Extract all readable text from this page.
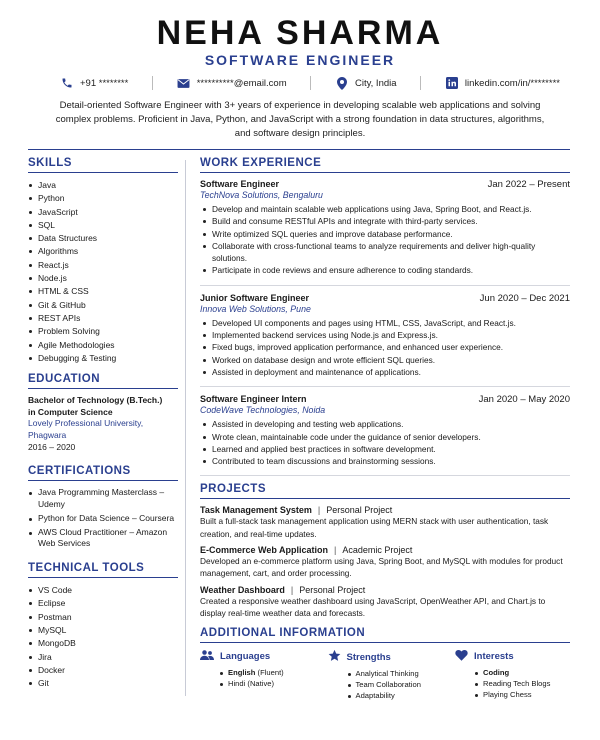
NEHA SHARMA
SOFTWARE ENGINEER
+91 ********	**********@email.com	City, India	linkedin.com/in/********
Detail-oriented Software Engineer with 3+ years of experience in developing scalable web applications and solving complex problems. Proficient in Java, Python, and JavaScript with a strong foundation in data structures, algorithms, and software design principles.
SKILLS
Java
Python
JavaScript
SQL
Data Structures
Algorithms
React.js
Node.js
HTML & CSS
Git & GitHub
REST APIs
Problem Solving
Agile Methodologies
Debugging & Testing
EDUCATION
Bachelor of Technology (B.Tech.)
in Computer Science
Lovely Professional University,
Phagwara
2016 – 2020
CERTIFICATIONS
Java Programming Masterclass – Udemy
Python for Data Science – Coursera
AWS Cloud Practitioner – Amazon Web Services
TECHNICAL TOOLS
VS Code
Eclipse
Postman
MySQL
MongoDB
Jira
Docker
Git
WORK EXPERIENCE
Software Engineer	Jan 2022 – Present
TechNova Solutions, Bengaluru
Develop and maintain scalable web applications using Java, Spring Boot, and React.js.
Build and consume RESTful APIs and integrate with third-party services.
Write optimized SQL queries and improve database performance.
Collaborate with cross-functional teams to analyze requirements and deliver high-quality solutions.
Participate in code reviews and ensure adherence to coding standards.
Junior Software Engineer	Jun 2020 – Dec 2021
Innova Web Solutions, Pune
Developed UI components and pages using HTML, CSS, JavaScript, and React.js.
Implemented backend services using Node.js and Express.js.
Fixed bugs, improved application performance, and enhanced user experience.
Worked on database design and wrote efficient SQL queries.
Assisted in deployment and maintenance of applications.
Software Engineer Intern	Jan 2020 – May 2020
CodeWave Technologies, Noida
Assisted in developing and testing web applications.
Wrote clean, maintainable code under the guidance of senior developers.
Learned and applied best practices in software development.
Contributed to team discussions and brainstorming sessions.
PROJECTS
Task Management System | Personal Project
Built a full-stack task management application using MERN stack with user authentication, task creation, and real-time updates.
E-Commerce Web Application | Academic Project
Developed an e-commerce platform using Java, Spring Boot, and MySQL with modules for product management, cart, and order processing.
Weather Dashboard | Personal Project
Created a responsive weather dashboard using JavaScript, OpenWeather API, and Chart.js to display real-time weather data and forecasts.
ADDITIONAL INFORMATION
Languages
English (Fluent)
Hindi (Native)
Strengths
Analytical Thinking
Team Collaboration
Adaptability
Interests
Coding
Reading Tech Blogs
Playing Chess
